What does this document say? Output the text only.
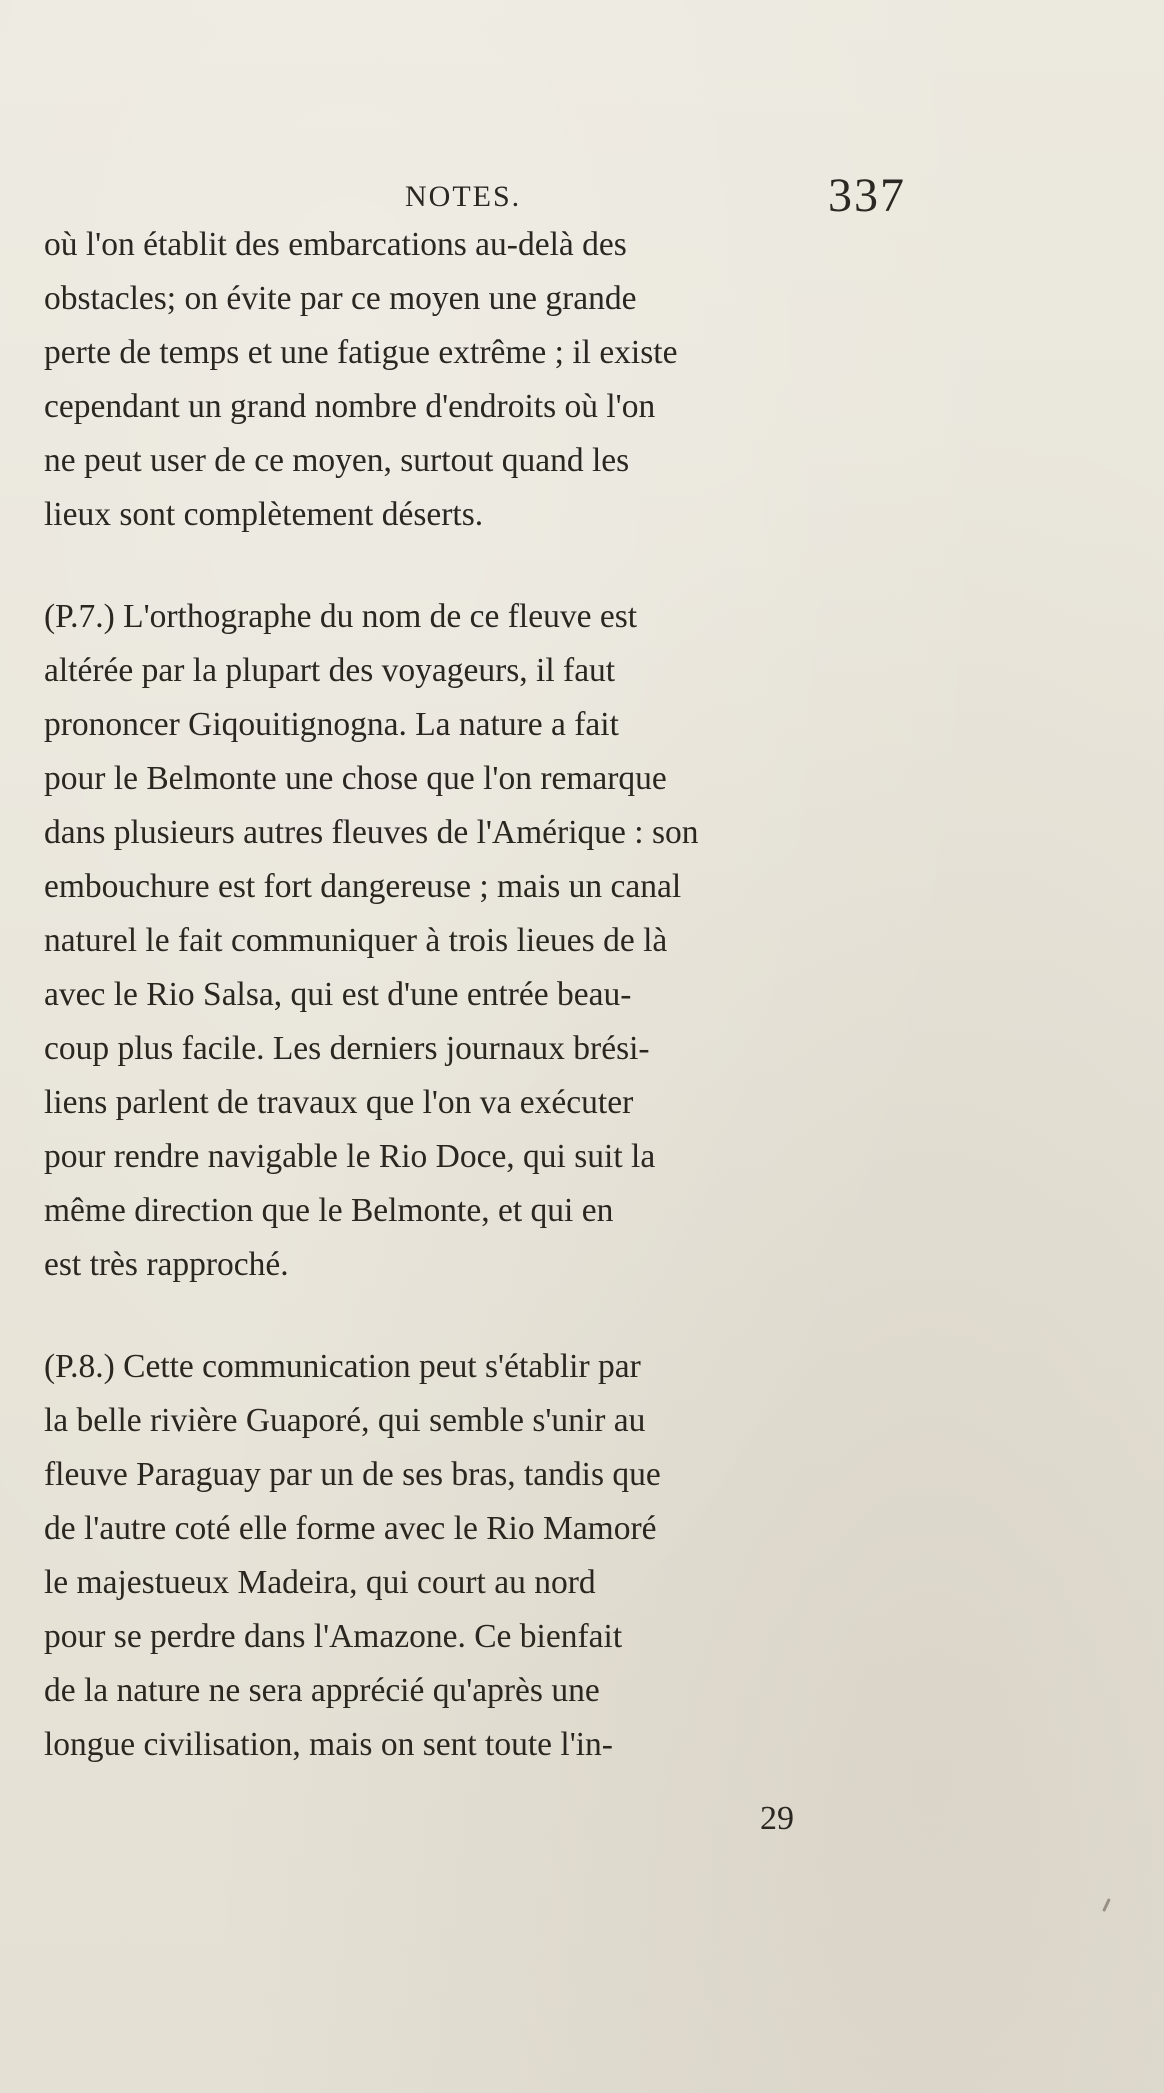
NOTES.	337

où l'on établit des embarcations au-delà des
obstacles; on évite par ce moyen une grande
perte de temps et une fatigue extrême ; il existe
cependant un grand nombre d'endroits où l'on
ne peut user de ce moyen, surtout quand les
lieux sont complètement déserts.

(P.7.) L'orthographe du nom de ce fleuve est
altérée par la plupart des voyageurs, il faut
prononcer Giqouitignogna. La nature a fait
pour le Belmonte une chose que l'on remarque
dans plusieurs autres fleuves de l'Amérique : son
embouchure est fort dangereuse ; mais un canal
naturel le fait communiquer à trois lieues de là
avec le Rio Salsa, qui est d'une entrée beau-
coup plus facile. Les derniers journaux brési-
liens parlent de travaux que l'on va exécuter
pour rendre navigable le Rio Doce, qui suit la
même direction que le Belmonte, et qui en
est très rapproché.

(P.8.) Cette communication peut s'établir par
la belle rivière Guaporé, qui semble s'unir au
fleuve Paraguay par un de ses bras, tandis que
de l'autre coté elle forme avec le Rio Mamoré
le majestueux Madeira, qui court au nord
pour se perdre dans l'Amazone. Ce bienfait
de la nature ne sera apprécié qu'après une
longue civilisation, mais on sent toute l'in-

29
